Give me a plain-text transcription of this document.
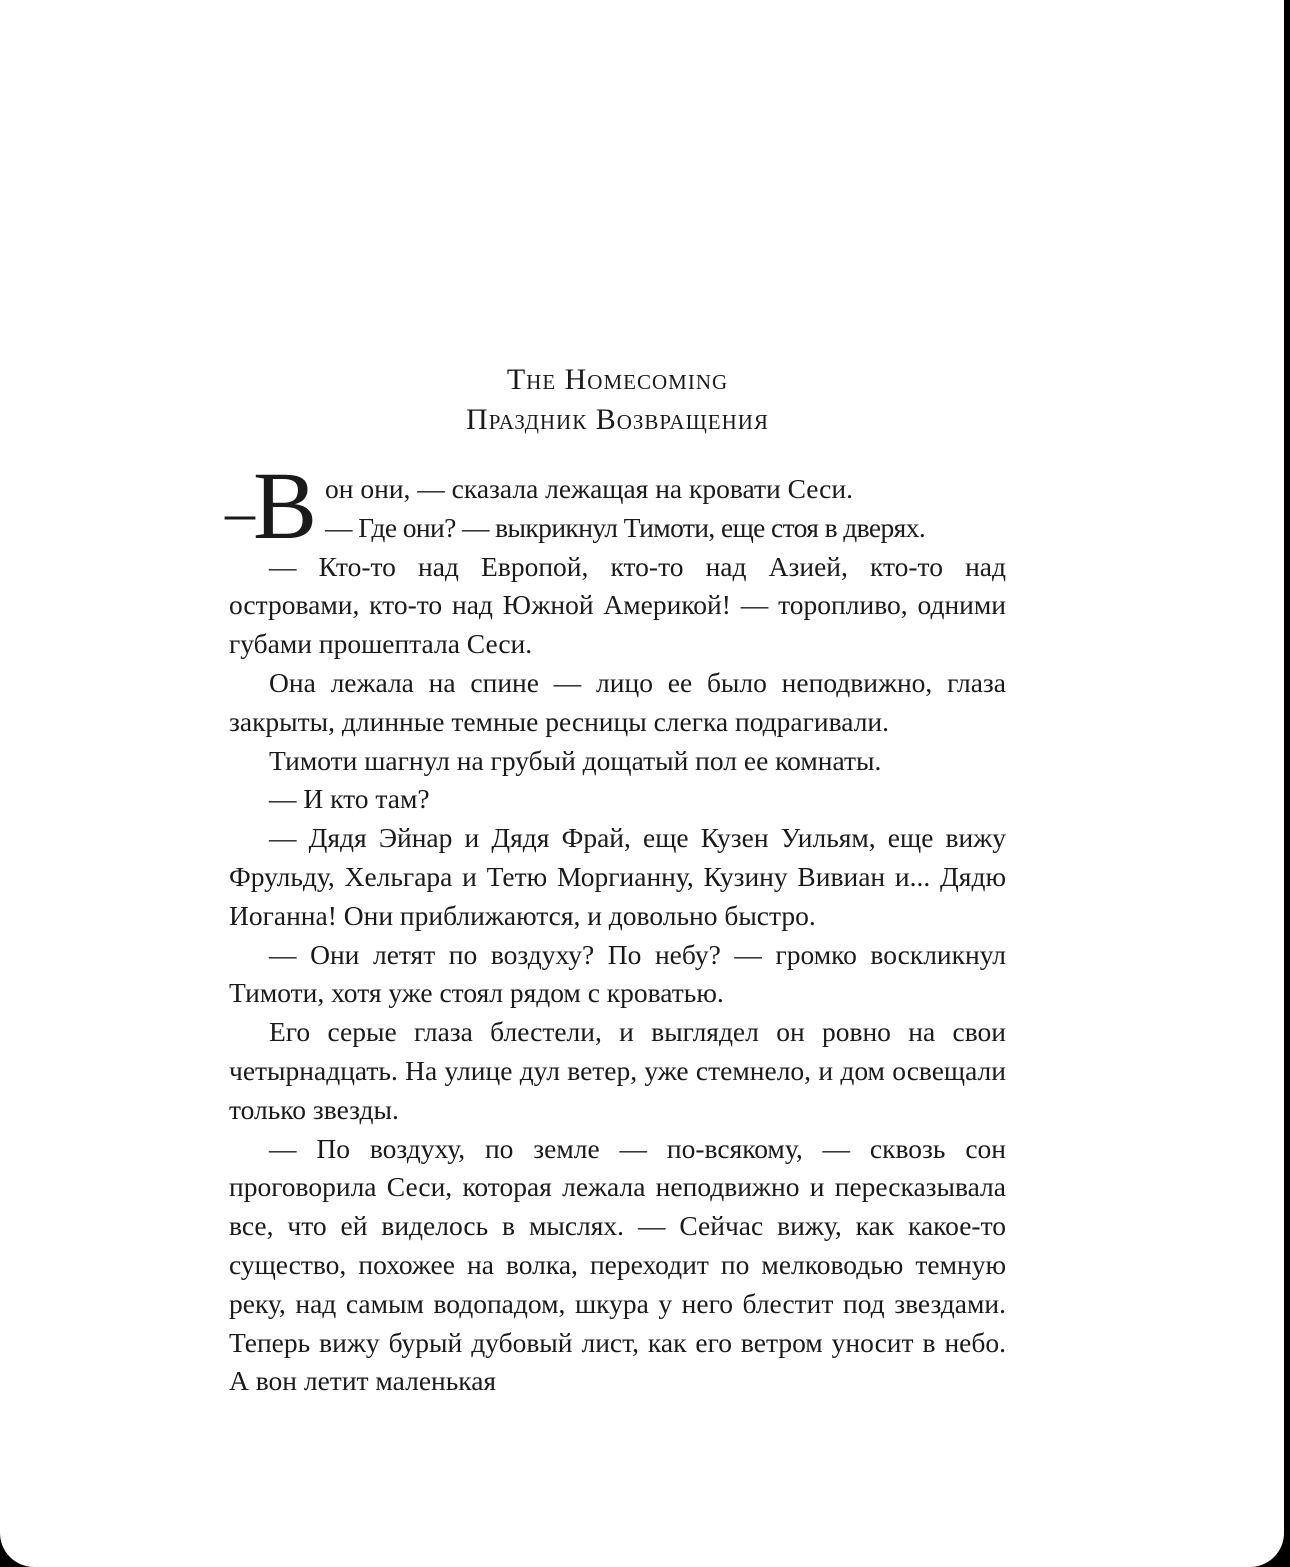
The Homecoming
Праздник Возвращения

–В он они, — сказала лежащая на кровати Сеси.
— Где они? — выкрикнул Тимоти, еще стоя в дверях.

— Кто-то над Европой, кто-то над Азией, кто-то над островами, кто-то над Южной Америкой! — торопливо, одними губами прошептала Сеси.

Она лежала на спине — лицо ее было неподвижно, глаза закрыты, длинные темные ресницы слегка подрагивали.

Тимоти шагнул на грубый дощатый пол ее комнаты.

— И кто там?

— Дядя Эйнар и Дядя Фрай, еще Кузен Уильям, еще вижу Фрульду, Хельгара и Тетю Моргианну, Кузину Вивиан и... Дядю Иоганна! Они приближаются, и довольно быстро.

— Они летят по воздуху? По небу? — громко воскликнул Тимоти, хотя уже стоял рядом с кроватью.

Его серые глаза блестели, и выглядел он ровно на свои четырнадцать. На улице дул ветер, уже стемнело, и дом освещали только звезды.

— По воздуху, по земле — по-всякому, — сквозь сон проговорила Сеси, которая лежала неподвижно и пересказывала все, что ей виделось в мыслях. — Сейчас вижу, как какое-то существо, похожее на волка, переходит по мелководью темную реку, над самым водопадом, шкура у него блестит под звездами. Теперь вижу бурый дубовый лист, как его ветром уносит в небо. А вон летит маленькая
